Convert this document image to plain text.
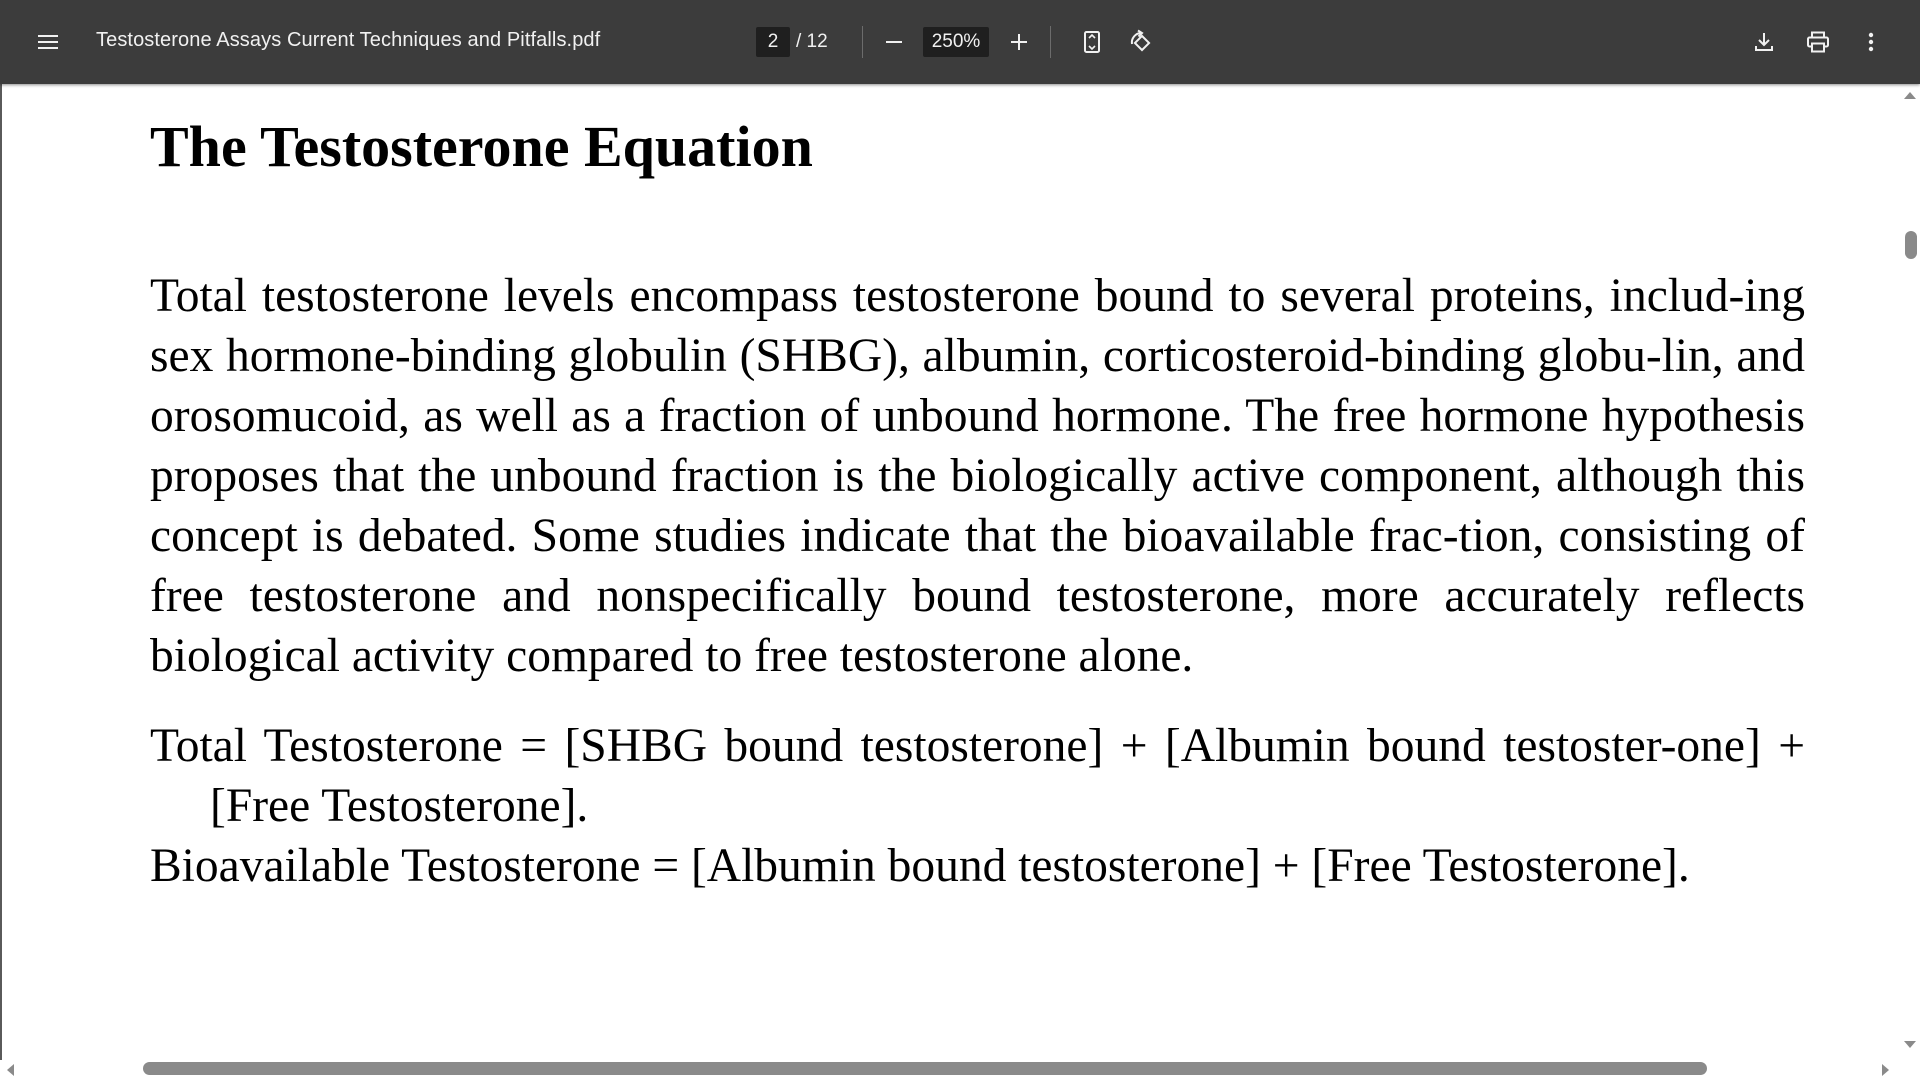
Testosterone Assays Current Techniques and Pitfalls.pdf
2	/ 12
250%
The Testosterone Equation

Total testosterone levels encompass testosterone bound to several proteins, includ-ing sex hormone-binding globulin (SHBG), albumin, corticosteroid-binding globu-lin, and orosomucoid, as well as a fraction of unbound hormone. The free hormone hypothesis proposes that the unbound fraction is the biologically active component, although this concept is debated. Some studies indicate that the bioavailable frac-tion, consisting of free testosterone and nonspecifically bound testosterone, more accurately reflects biological activity compared to free testosterone alone.

Total Testosterone = [SHBG bound testosterone] + [Albumin bound testoster-one] + [Free Testosterone].

Bioavailable Testosterone = [Albumin bound testosterone] + [Free Testosterone].
